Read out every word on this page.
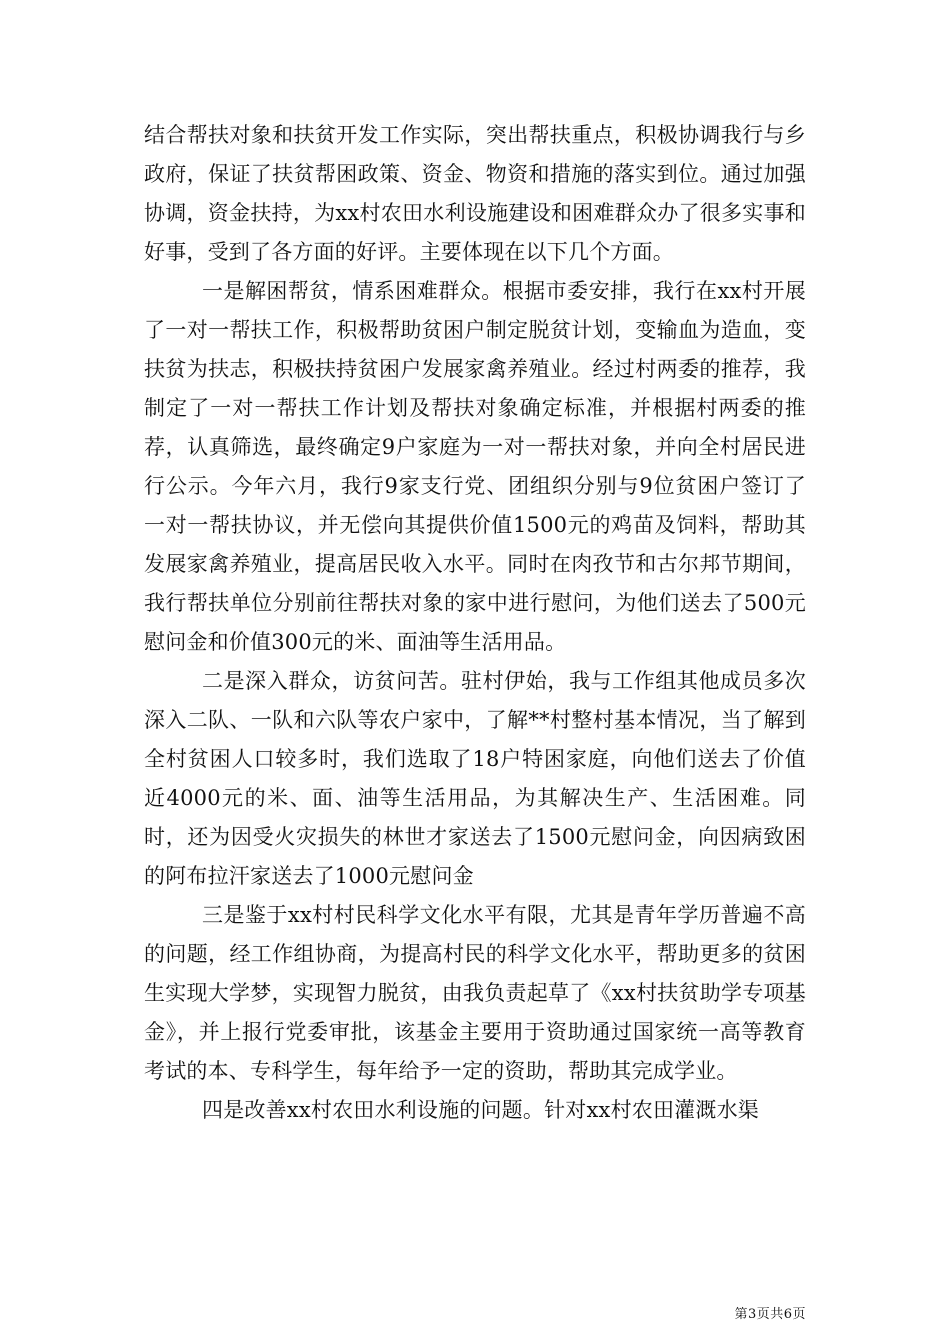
结合帮扶对象和扶贫开发工作实际，突出帮扶重点，积极协调我行与乡政府，保证了扶贫帮困政策、资金、物资和措施的落实到位。通过加强协调，资金扶持，为xx村农田水利设施建设和困难群众办了很多实事和好事，受到了各方面的好评。主要体现在以下几个方面。

一是解困帮贫，情系困难群众。根据市委安排，我行在xx村开展了一对一帮扶工作，积极帮助贫困户制定脱贫计划，变输血为造血，变扶贫为扶志，积极扶持贫困户发展家禽养殖业。经过村两委的推荐，我制定了一对一帮扶工作计划及帮扶对象确定标准，并根据村两委的推荐，认真筛选，最终确定9户家庭为一对一帮扶对象，并向全村居民进行公示。今年六月，我行9家支行党、团组织分别与9位贫困户签订了一对一帮扶协议，并无偿向其提供价值1500元的鸡苗及饲料，帮助其发展家禽养殖业，提高居民收入水平。同时在肉孜节和古尔邦节期间，我行帮扶单位分别前往帮扶对象的家中进行慰问，为他们送去了500元慰问金和价值300元的米、面油等生活用品。

二是深入群众，访贫问苦。驻村伊始，我与工作组其他成员多次深入二队、一队和六队等农户家中，了解**村整村基本情况，当了解到全村贫困人口较多时，我们选取了18户特困家庭，向他们送去了价值近4000元的米、面、油等生活用品，为其解决生产、生活困难。同时，还为因受火灾损失的林世才家送去了1500元慰问金，向因病致困的阿布拉汗家送去了1000元慰问金

三是鉴于xx村村民科学文化水平有限，尤其是青年学历普遍不高的问题，经工作组协商，为提高村民的科学文化水平，帮助更多的贫困生实现大学梦，实现智力脱贫，由我负责起草了《xx村扶贫助学专项基金》，并上报行党委审批，该基金主要用于资助通过国家统一高等教育考试的本、专科学生，每年给予一定的资助，帮助其完成学业。

四是改善xx村农田水利设施的问题。针对xx村农田灌溉水渠

第3页共6页
